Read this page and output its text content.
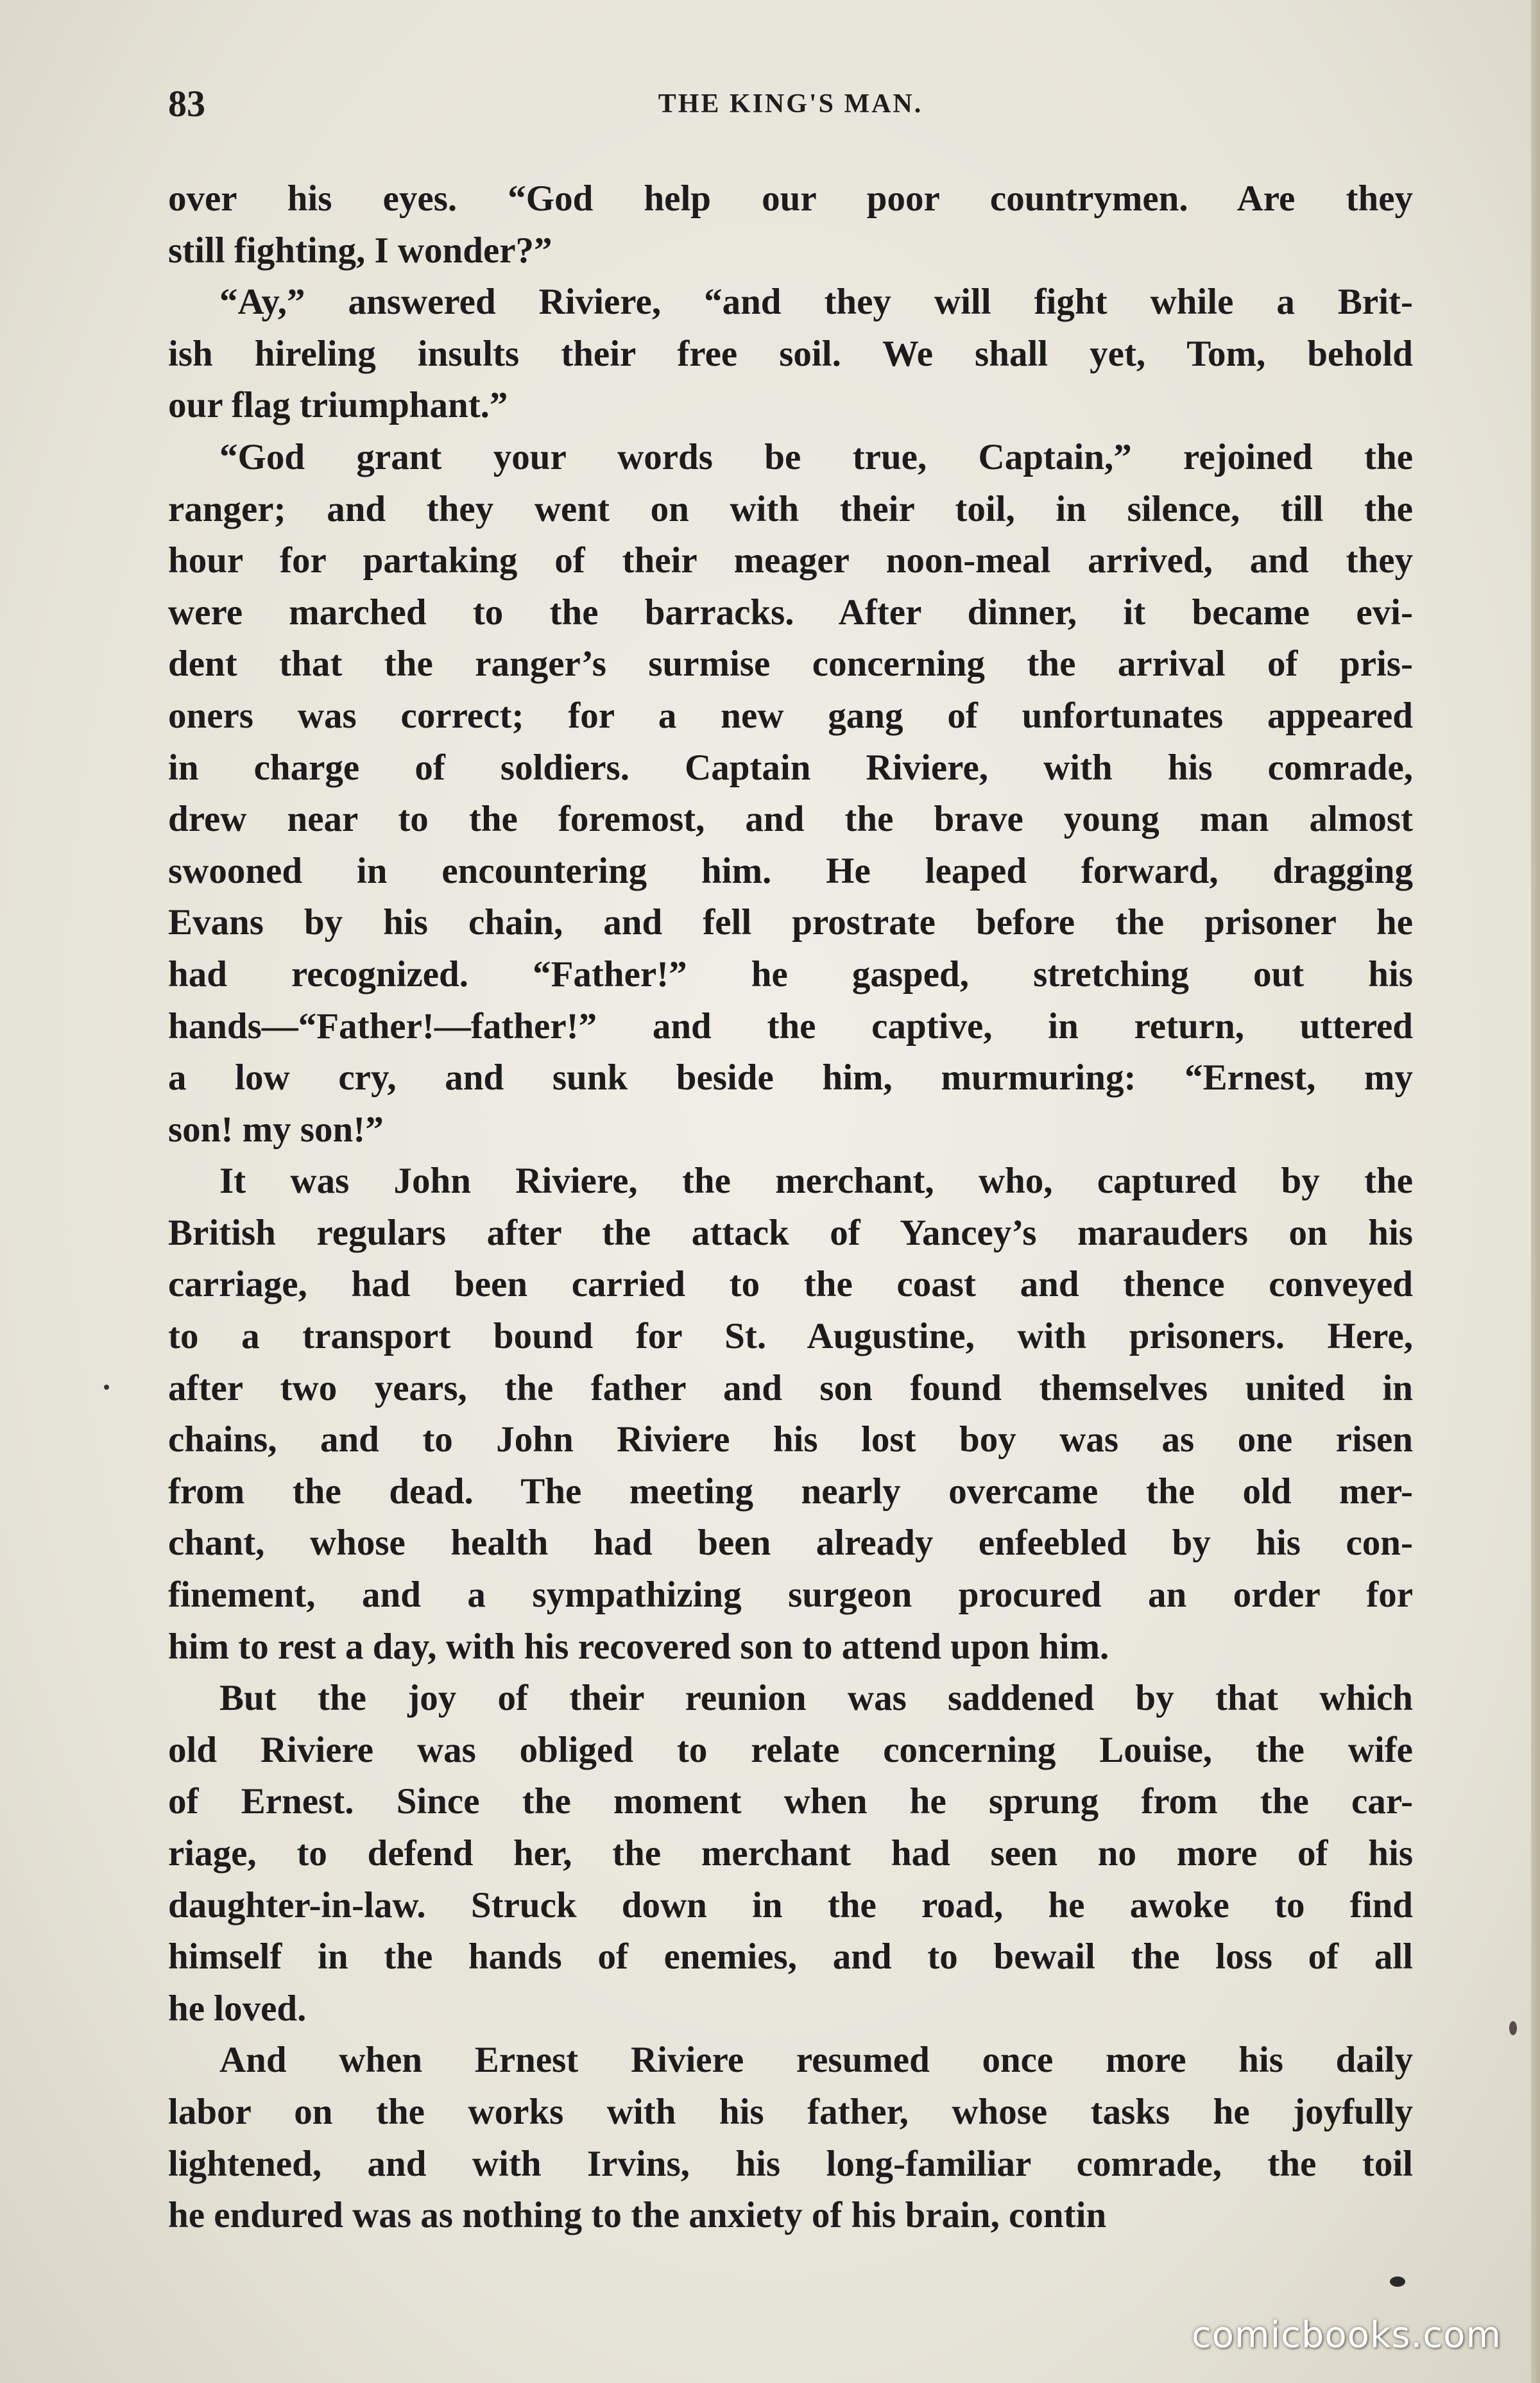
83	THE KING'S MAN.
over his eyes. “God help our poor countrymen. Are they
still fighting, I wonder?”
“Ay,” answered Riviere, “and they will fight while a Brit-
ish hireling insults their free soil. We shall yet, Tom, behold
our flag triumphant.”
“God grant your words be true, Captain,” rejoined the
ranger; and they went on with their toil, in silence, till the
hour for partaking of their meager noon-meal arrived, and they
were marched to the barracks. After dinner, it became evi-
dent that the ranger’s surmise concerning the arrival of pris-
oners was correct; for a new gang of unfortunates appeared
in charge of soldiers. Captain Riviere, with his comrade,
drew near to the foremost, and the brave young man almost
swooned in encountering him. He leaped forward, dragging
Evans by his chain, and fell prostrate before the prisoner he
had recognized. “Father!” he gasped, stretching out his
hands—“Father!—father!” and the captive, in return, uttered
a low cry, and sunk beside him, murmuring: “Ernest, my
son! my son!”
It was John Riviere, the merchant, who, captured by the
British regulars after the attack of Yancey’s marauders on his
carriage, had been carried to the coast and thence conveyed
to a transport bound for St. Augustine, with prisoners. Here,
after two years, the father and son found themselves united in
chains, and to John Riviere his lost boy was as one risen
from the dead. The meeting nearly overcame the old mer-
chant, whose health had been already enfeebled by his con-
finement, and a sympathizing surgeon procured an order for
him to rest a day, with his recovered son to attend upon him.
But the joy of their reunion was saddened by that which
old Riviere was obliged to relate concerning Louise, the wife
of Ernest. Since the moment when he sprung from the car-
riage, to defend her, the merchant had seen no more of his
daughter-in-law. Struck down in the road, he awoke to find
himself in the hands of enemies, and to bewail the loss of all
he loved.
And when Ernest Riviere resumed once more his daily
labor on the works with his father, whose tasks he joyfully
lightened, and with Irvins, his long-familiar comrade, the toil
he endured was as nothing to the anxiety of his brain, contin
comicbooks.com
